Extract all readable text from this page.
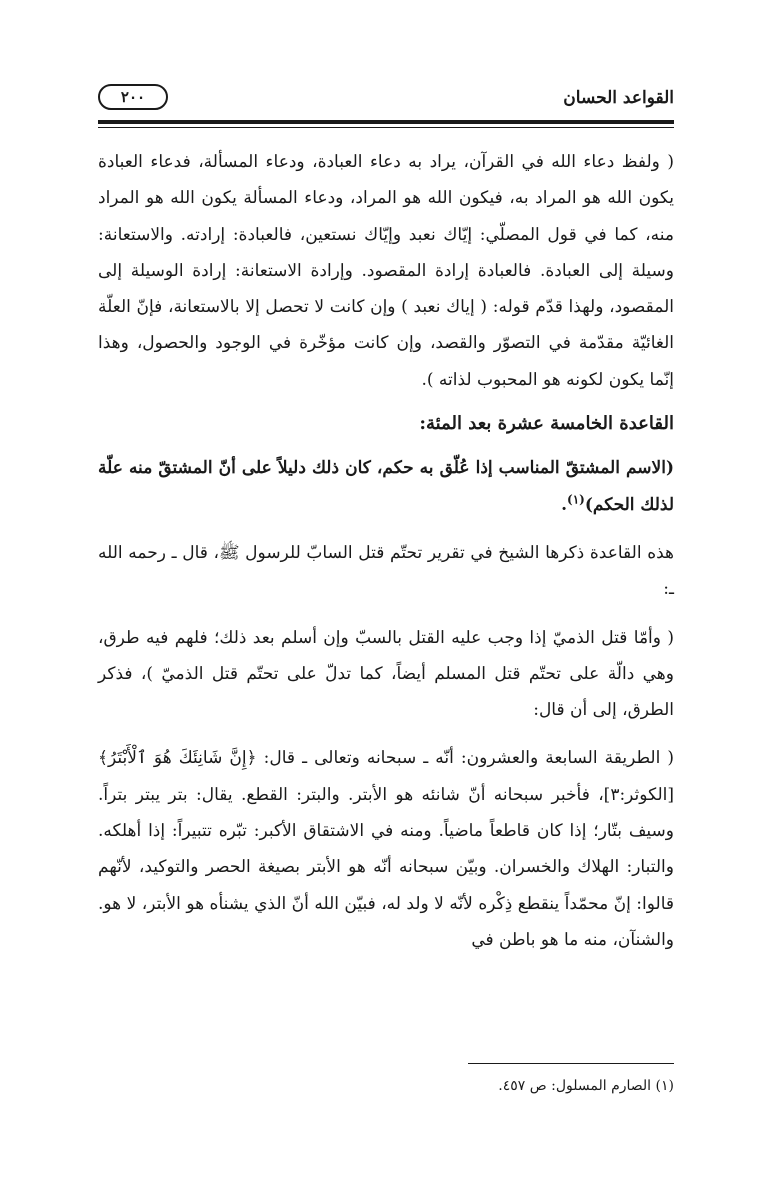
القواعد الحسان
٢٠٠

( ولفظ دعاء الله في القرآن، يراد به دعاء العبادة، ودعاء المسألة، فدعاء العبادة يكون الله هو المراد به، فيكون الله هو المراد، ودعاء المسألة يكون الله هو المراد منه، كما في قول المصلّي: إيّاك نعبد وإيّاك نستعين، فالعبادة: إرادته. والاستعانة: وسيلة إلى العبادة. فالعبادة إرادة المقصود. وإرادة الاستعانة: إرادة الوسيلة إلى المقصود، ولهذا قدّم قوله: ( إياك نعبد ) وإن كانت لا تحصل إلا بالاستعانة، فإنّ العلّة الغائيّة مقدّمة في التصوّر والقصد، وإن كانت مؤخّرة في الوجود والحصول، وهذا إنّما يكون لكونه هو المحبوب لذاته ).

القاعدة الخامسة عشرة بعد المئة:

(الاسم المشتقّ المناسب إذا عُلّق به حكم، كان ذلك دليلاً على أنّ المشتقّ منه علّة لذلك الحكم)$^{(١)}$.

هذه القاعدة ذكرها الشيخ في تقرير تحتّم قتل السابّ للرسول ﷺ، قال ـ رحمه الله ـ:

( وأمّا قتل الذميّ إذا وجب عليه القتل بالسبّ وإن أسلم بعد ذلك؛ فلهم فيه طرق، وهي دالّة على تحتّم قتل المسلم أيضاً، كما تدلّ على تحتّم قتل الذميّ )، فذكر الطرق، إلى أن قال:

( الطريقة السابعة والعشرون: أنّه ـ سبحانه وتعالى ـ قال: ﴿إِنَّ شَانِئَكَ هُوَ ٱلْأَبْتَرُ﴾ [الكوثر:٣]، فأخبر سبحانه أنّ شانئه هو الأبتر. والبتر: القطع. يقال: بتر يبتر بتراً. وسيف بتّار؛ إذا كان قاطعاً ماضياً. ومنه في الاشتقاق الأكبر: تبّره تتبيراً: إذا أهلكه. والتبار: الهلاك والخسران. وبيّن سبحانه أنّه هو الأبتر بصيغة الحصر والتوكيد، لأنّهم قالوا: إنّ محمّداً ينقطع ذِكْره لأنّه لا ولد له، فبيّن الله أنّ الذي يشنأه هو الأبتر، لا هو. والشنآن، منه ما هو باطن في

(١) الصارم المسلول: ص ٤٥٧.
